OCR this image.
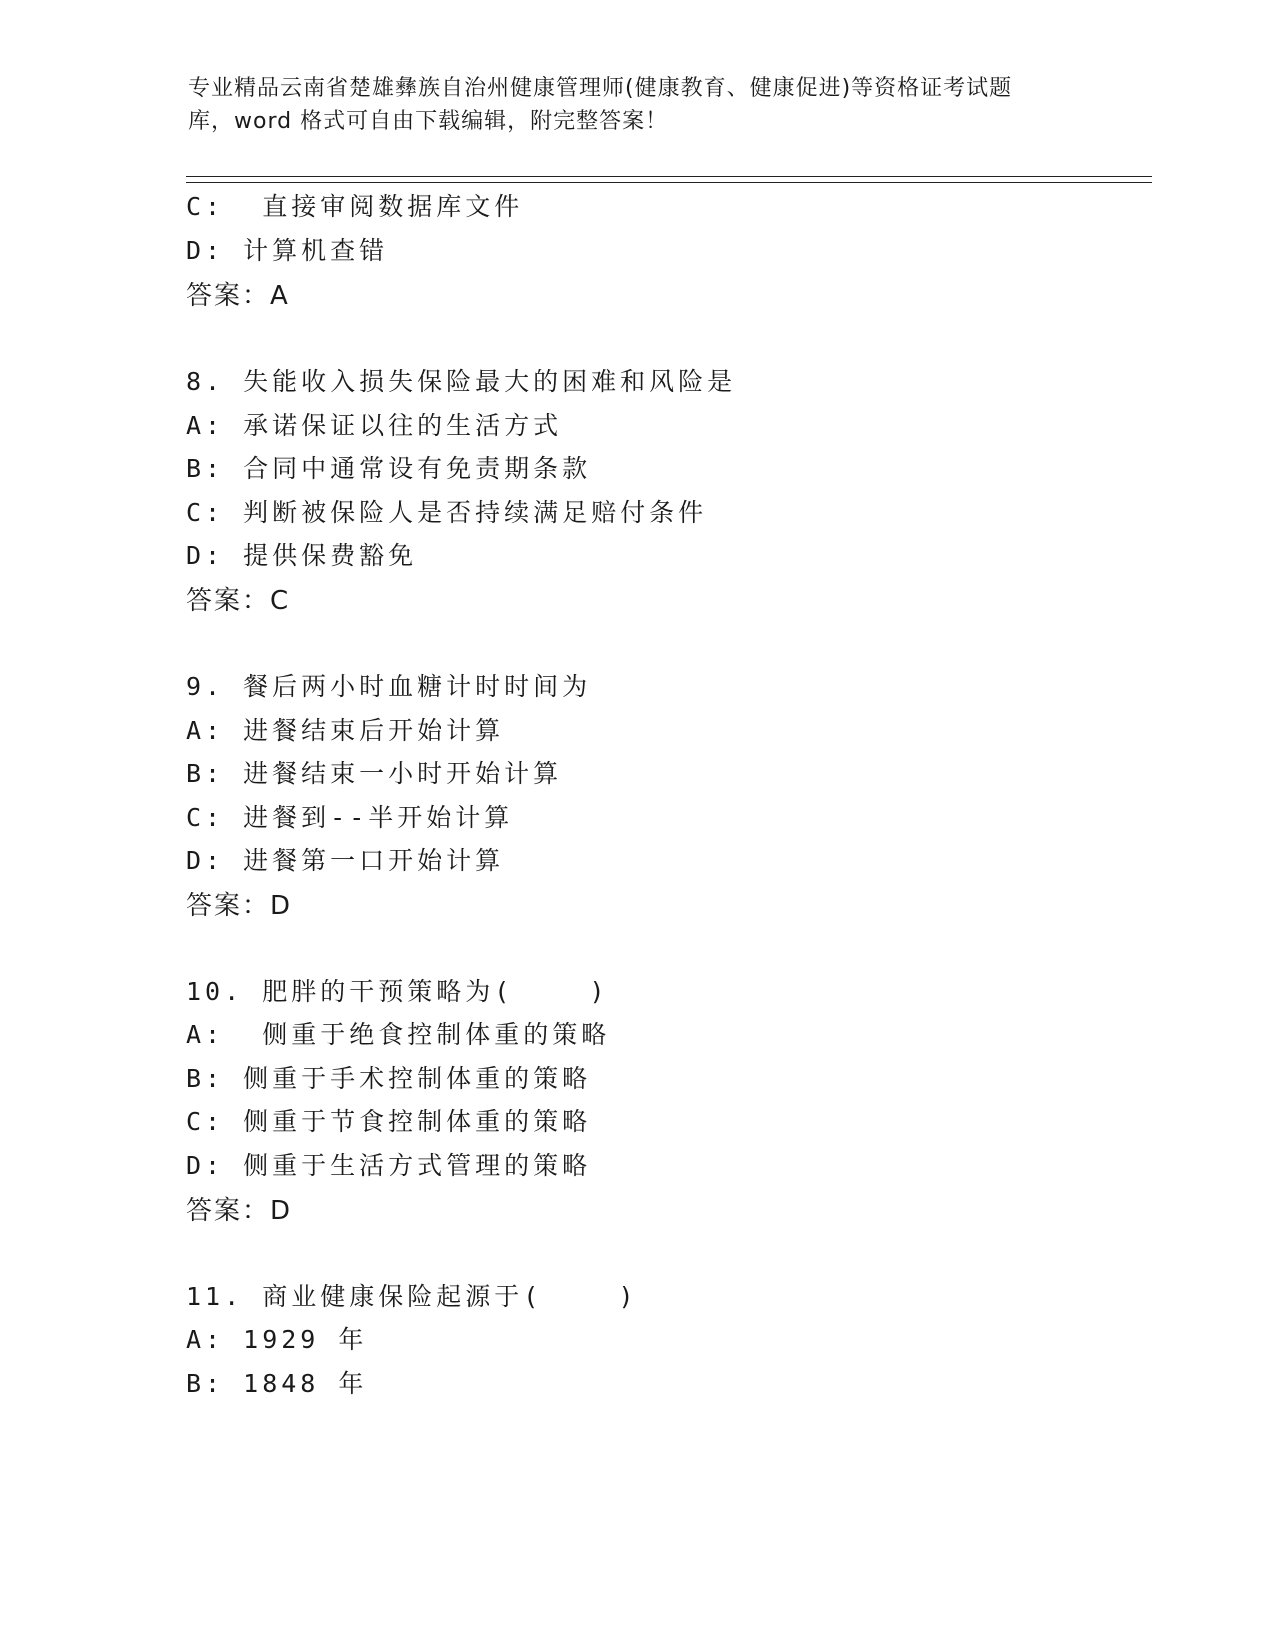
专业精品云南省楚雄彝族自治州健康管理师(健康教育、健康促进)等资格证考试题
库，word 格式可自由下载编辑，附完整答案！
C:  直接审阅数据库文件
D: 计算机查错
答案：A
8. 失能收入损失保险最大的困难和风险是
A: 承诺保证以往的生活方式
B: 合同中通常设有免责期条款
C: 判断被保险人是否持续满足赔付条件
D: 提供保费豁免
答案：C
9. 餐后两小时血糖计时时间为
A: 进餐结束后开始计算
B: 进餐结束一小时开始计算
C: 进餐到--半开始计算
D: 进餐第一口开始计算
答案：D
10. 肥胖的干预策略为(    )
A:  侧重于绝食控制体重的策略
B: 侧重于手术控制体重的策略
C: 侧重于节食控制体重的策略
D: 侧重于生活方式管理的策略
答案：D
11. 商业健康保险起源于(    )
A: 1929 年
B: 1848 年
